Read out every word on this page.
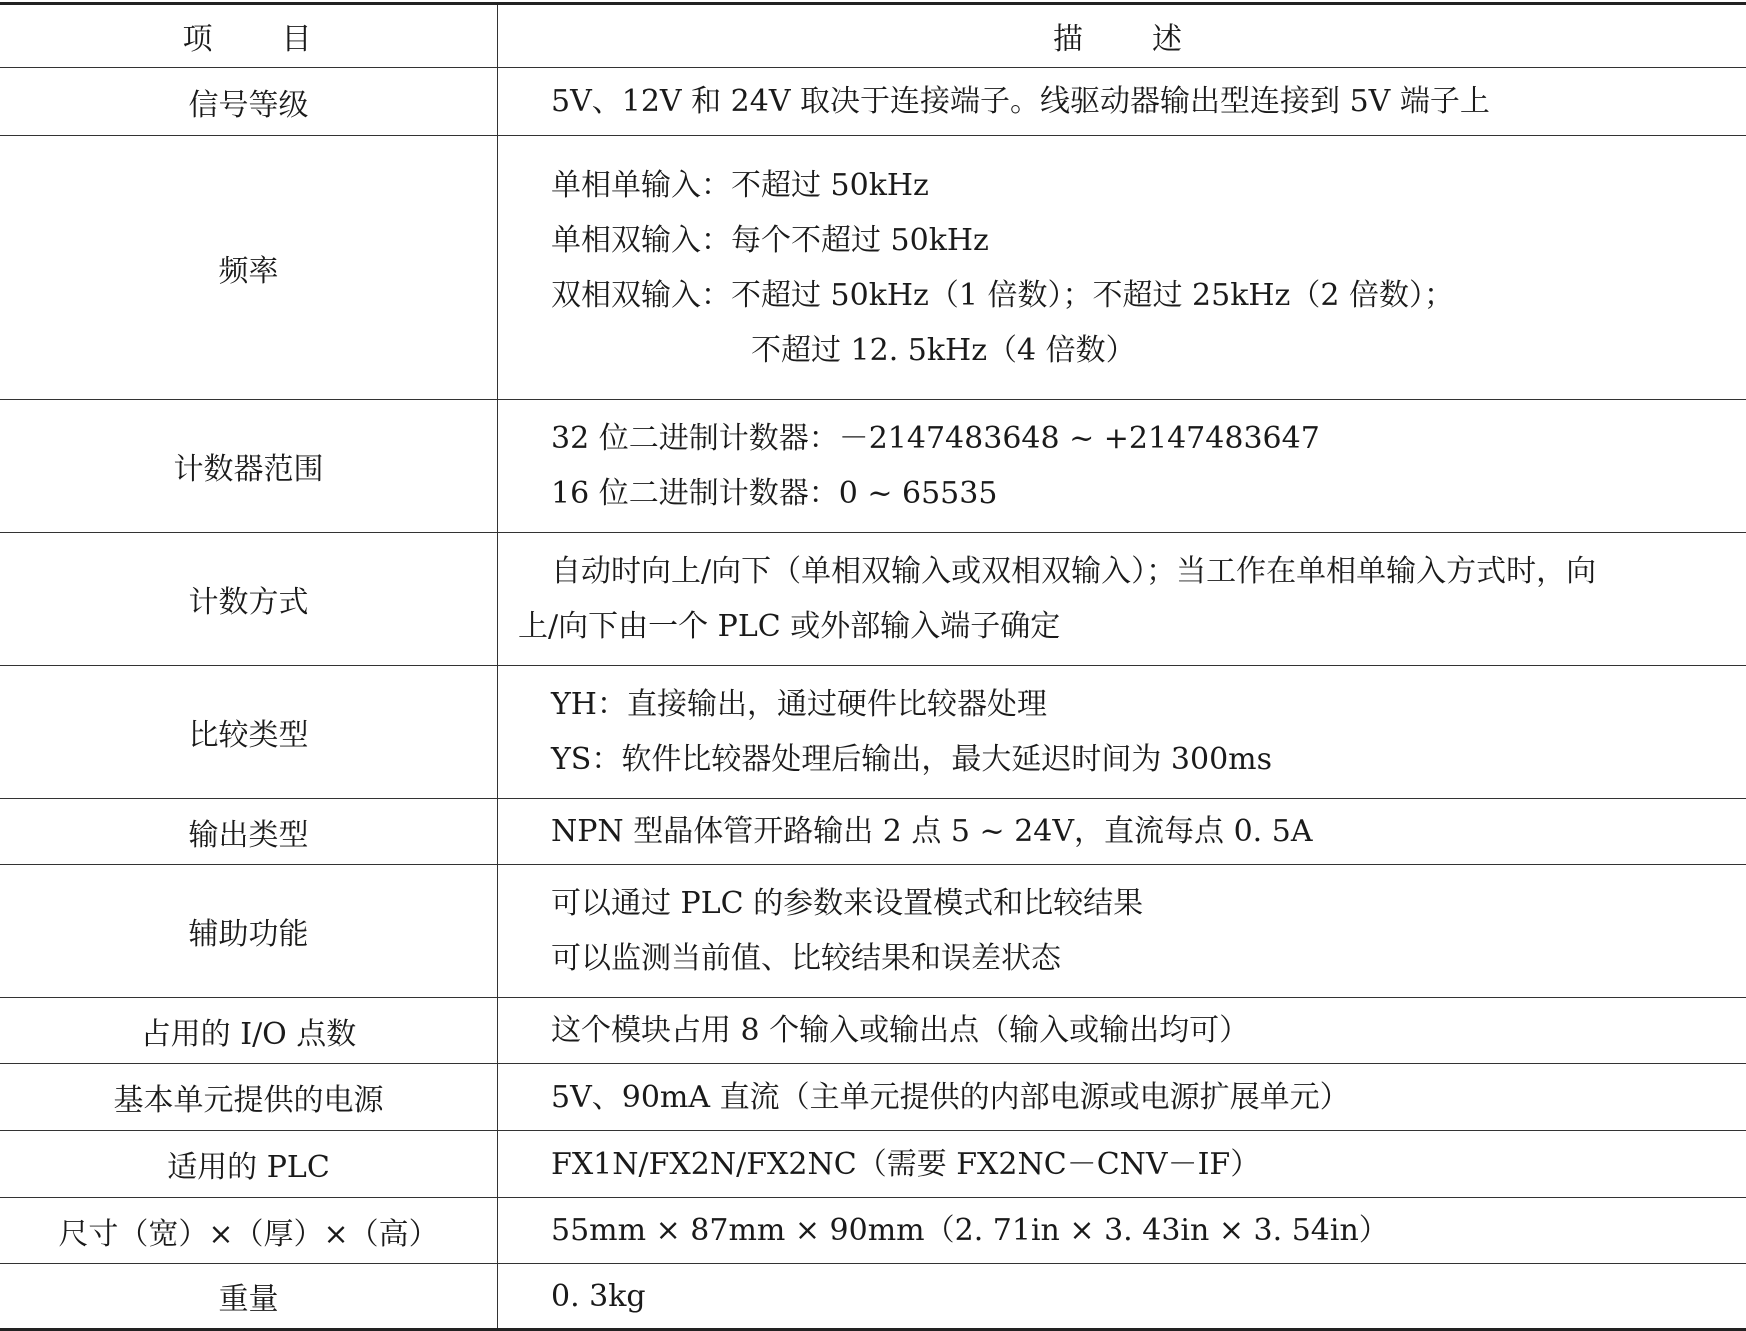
项　　目	描　　述
信号等级	5V、12V 和 24V 取决于连接端子。线驱动器输出型连接到 5V 端子上

频率	单相单输入：不超过 50kHz
单相双输入：每个不超过 50kHz
双相双输入：不超过 50kHz（1 倍数）；不超过 25kHz（2 倍数）；
不超过 12. 5kHz（4 倍数）

计数器范围	32 位二进制计数器：－2147483648 ~ +2147483647
16 位二进制计数器：0 ~ 65535

计数方式	自动时向上/向下（单相双输入或双相双输入）；当工作在单相单输入方式时，向
上/向下由一个 PLC 或外部输入端子确定

比较类型	YH：直接输出，通过硬件比较器处理
YS：软件比较器处理后输出，最大延迟时间为 300ms

输出类型	NPN 型晶体管开路输出 2 点 5 ~ 24V，直流每点 0. 5A

辅助功能	可以通过 PLC 的参数来设置模式和比较结果
可以监测当前值、比较结果和误差状态

占用的 I/O 点数	这个模块占用 8 个输入或输出点（输入或输出均可）

基本单元提供的电源	5V、90mA 直流（主单元提供的内部电源或电源扩展单元）

适用的 PLC	FX1N/FX2N/FX2NC（需要 FX2NC－CNV－IF）

尺寸（宽）×（厚）×（高）	55mm × 87mm × 90mm（2. 71in × 3. 43in × 3. 54in）

重量	0. 3kg
